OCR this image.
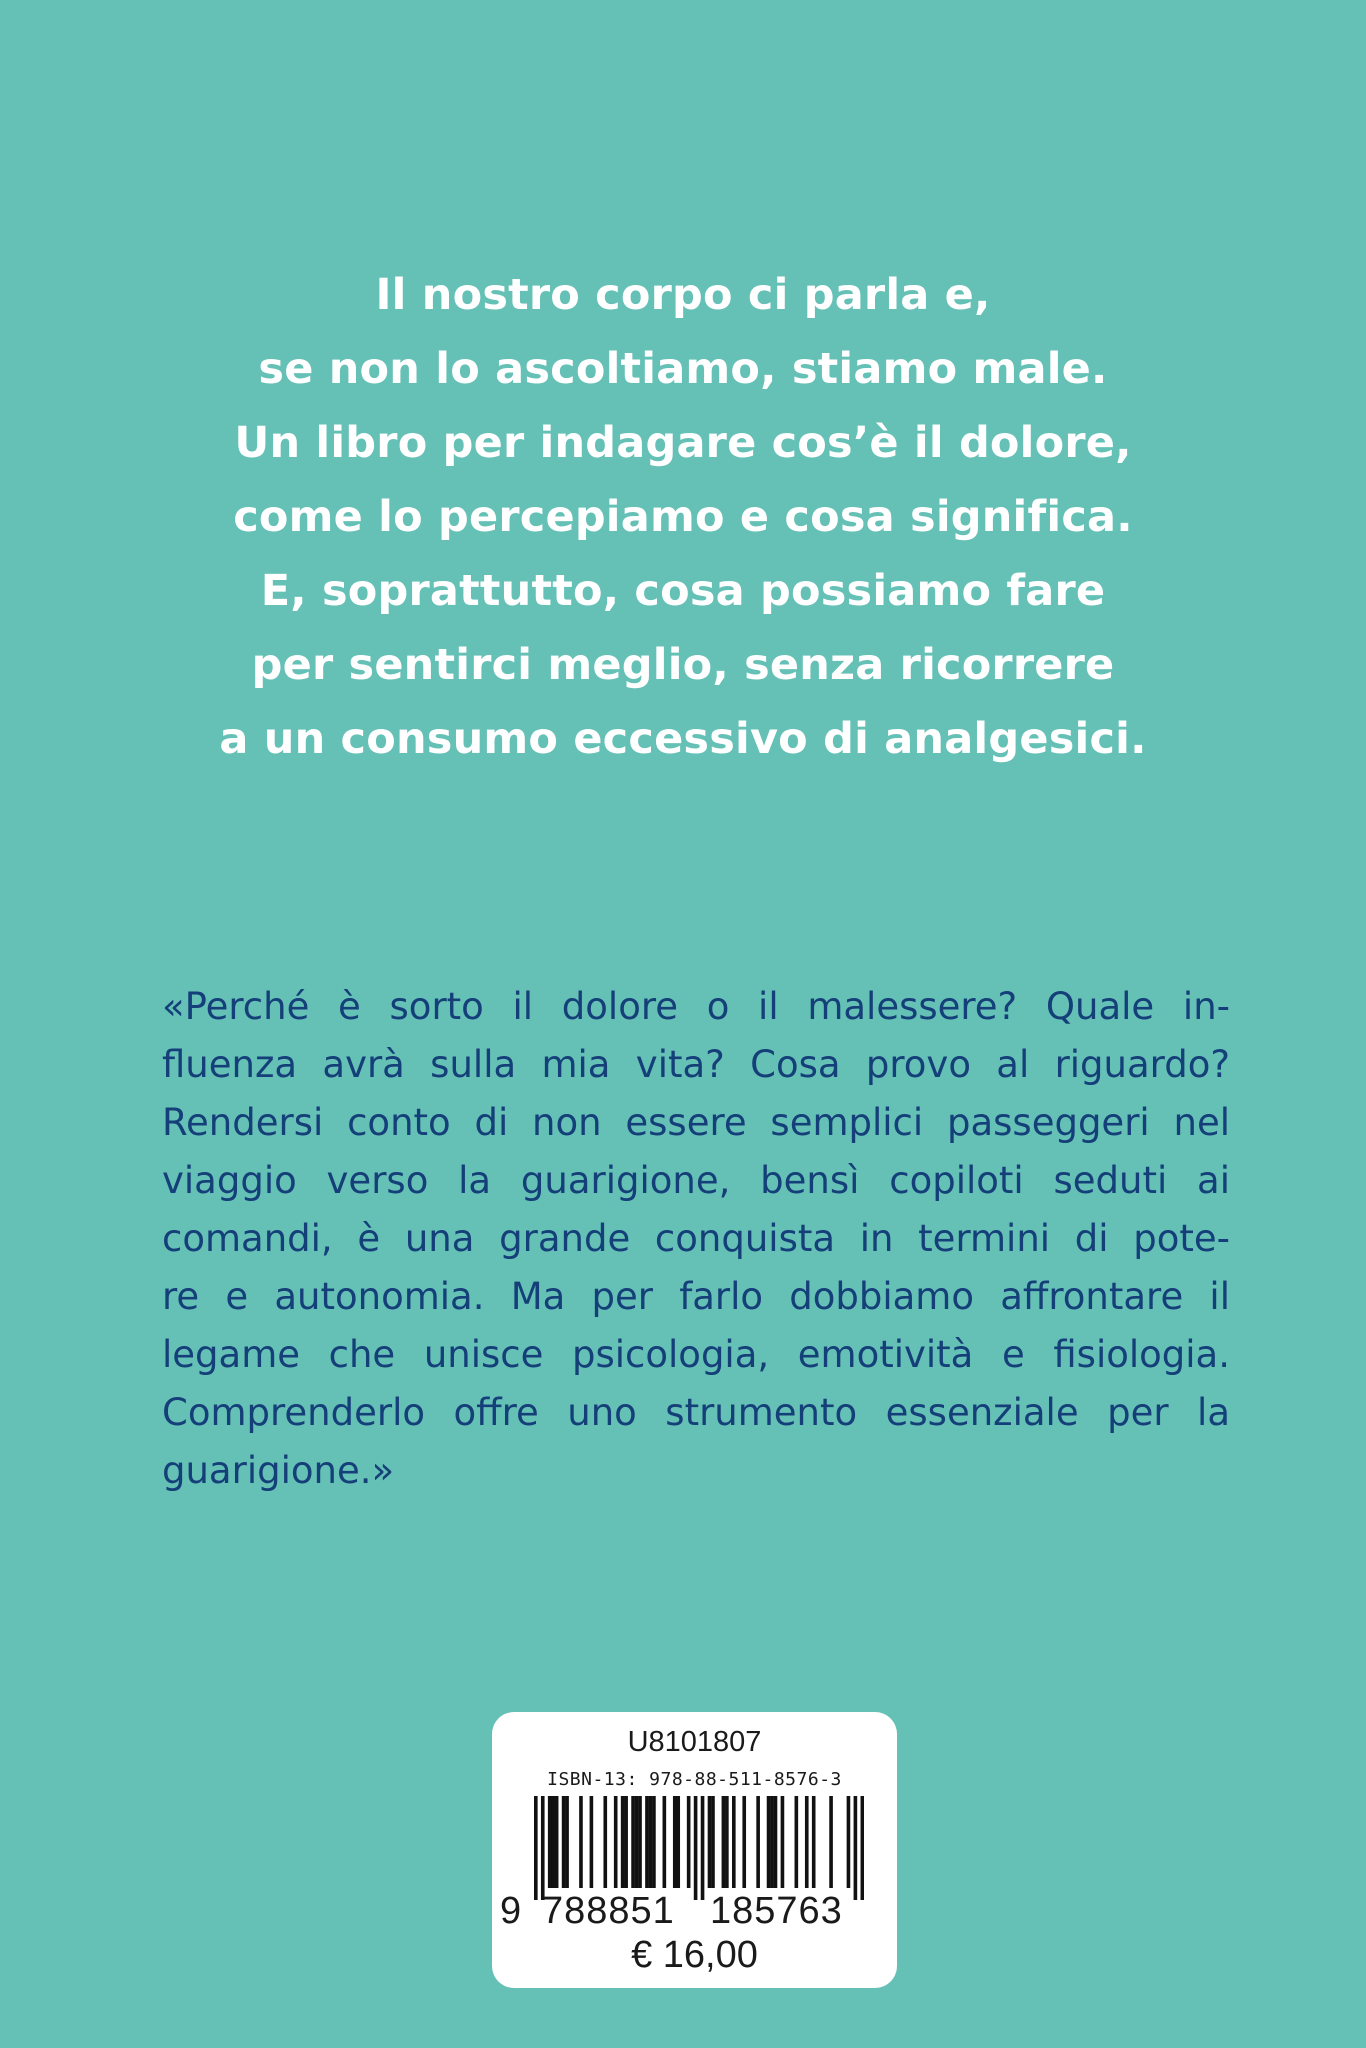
Il nostro corpo ci parla e,
se non lo ascoltiamo, stiamo male.
Un libro per indagare cos’è il dolore,
come lo percepiamo e cosa significa.
E, soprattutto, cosa possiamo fare
per sentirci meglio, senza ricorrere
a un consumo eccessivo di analgesici.
«Perché è sorto il dolore o il malessere? Quale in-
fluenza avrà sulla mia vita? Cosa provo al riguardo?
Rendersi conto di non essere semplici passeggeri nel
viaggio verso la guarigione, bensì copiloti seduti ai
comandi, è una grande conquista in termini di pote-
re e autonomia. Ma per farlo dobbiamo affrontare il
legame che unisce psicologia, emotività e fisiologia.
Comprenderlo offre uno strumento essenziale per la
guarigione.»
U8101807
ISBN-13: 978-88-511-8576-3
9 788851 185763
€ 16,00
